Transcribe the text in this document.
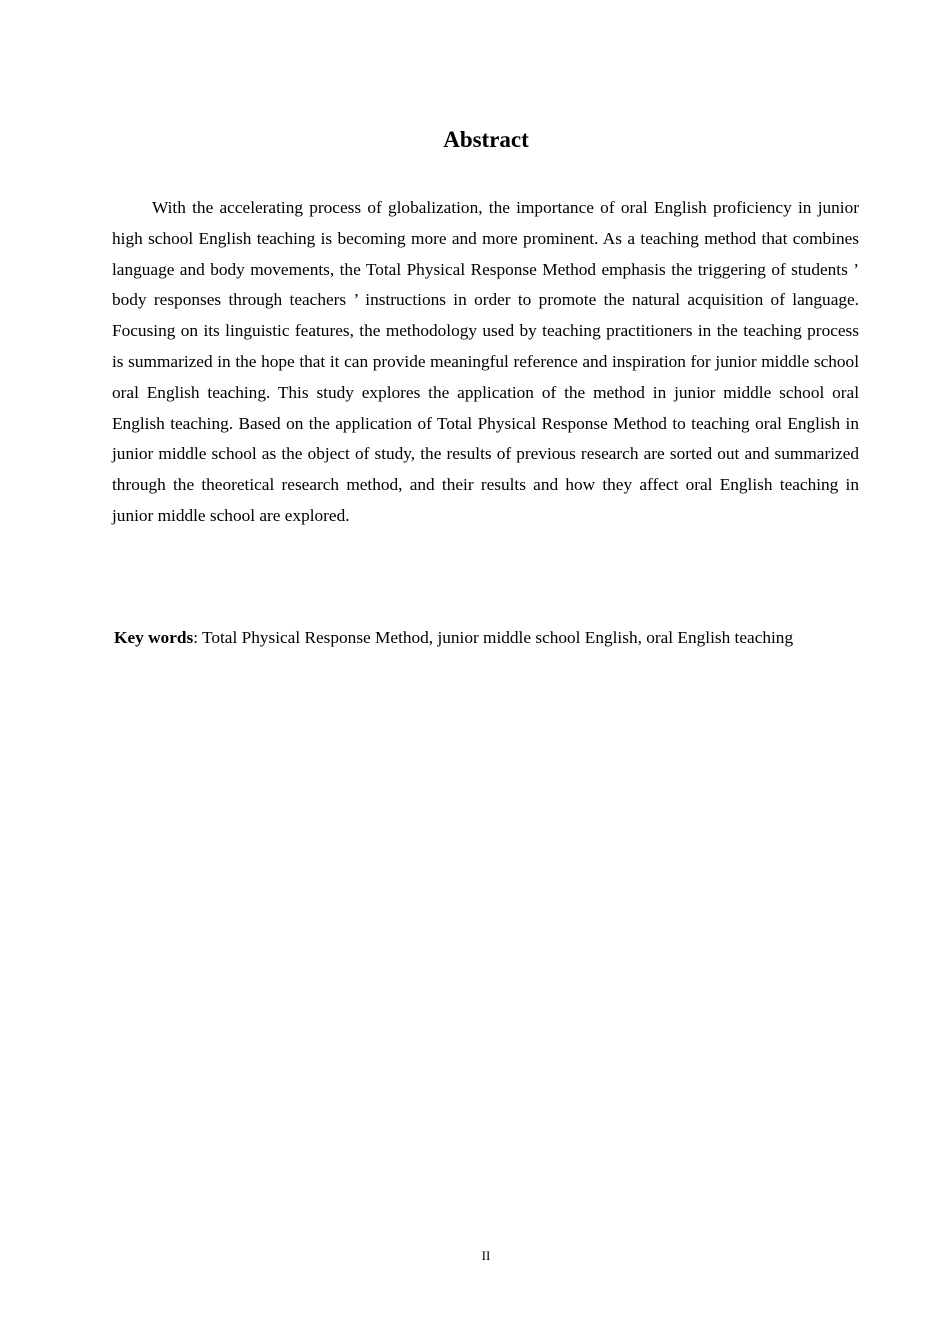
Abstract

With the accelerating process of globalization, the importance of oral English proficiency in junior high school English teaching is becoming more and more prominent. As a teaching method that combines language and body movements, the Total Physical Response Method emphasis the triggering of students ’ body responses through teachers ’ instructions in order to promote the natural acquisition of language. Focusing on its linguistic features, the methodology used by teaching practitioners in the teaching process is summarized in the hope that it can provide meaningful reference and inspiration for junior middle school oral English teaching. This study explores the application of the method in junior middle school oral English teaching. Based on the application of Total Physical Response Method to teaching oral English in junior middle school as the object of study, the results of previous research are sorted out and summarized through the theoretical research method, and their results and how they affect oral English teaching in junior middle school are explored.

Key words: Total Physical Response Method, junior middle school English, oral English teaching

II
